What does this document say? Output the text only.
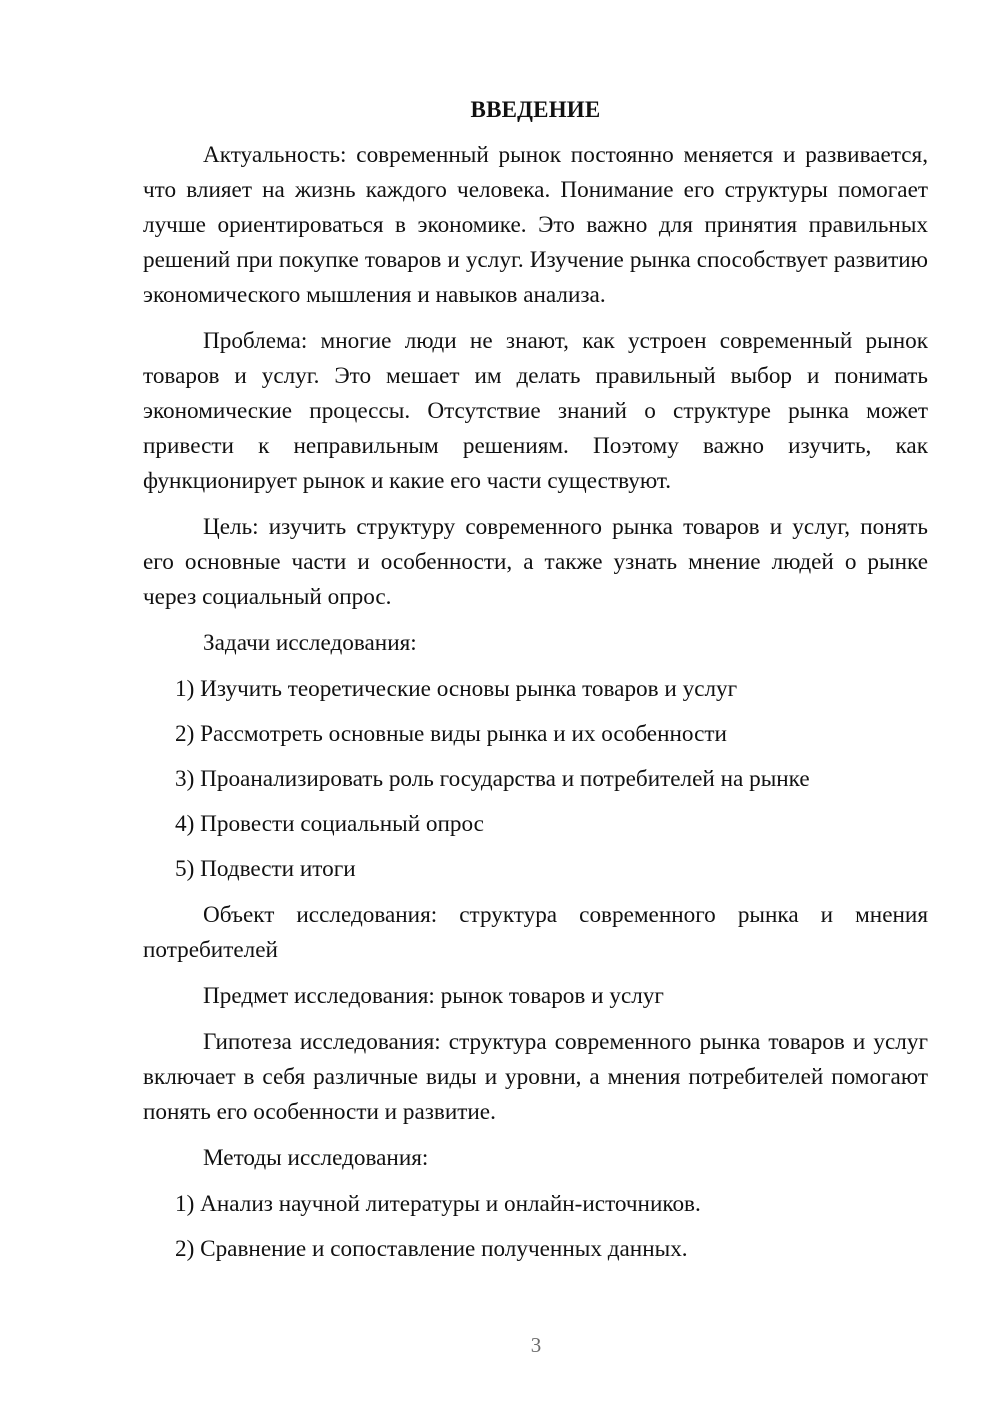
ВВЕДЕНИЕ

Актуальность: современный рынок постоянно меняется и развивается, что влияет на жизнь каждого человека. Понимание его структуры помогает лучше ориентироваться в экономике. Это важно для принятия правильных решений при покупке товаров и услуг. Изучение рынка способствует развитию экономического мышления и навыков анализа.

Проблема: многие люди не знают, как устроен современный рынок товаров и услуг. Это мешает им делать правильный выбор и понимать экономические процессы. Отсутствие знаний о структуре рынка может привести к неправильным решениям. Поэтому важно изучить, как функционирует рынок и какие его части существуют.

Цель: изучить структуру современного рынка товаров и услуг, понять его основные части и особенности, а также узнать мнение людей о рынке через социальный опрос.

Задачи исследования:

1) Изучить теоретические основы рынка товаров и услуг
2) Рассмотреть основные виды рынка и их особенности
3) Проанализировать роль государства и потребителей на рынке
4) Провести социальный опрос
5) Подвести итоги

Объект исследования: структура современного рынка и мнения потребителей

Предмет исследования: рынок товаров и услуг

Гипотеза исследования: структура современного рынка товаров и услуг включает в себя различные виды и уровни, а мнения потребителей помогают понять его особенности и развитие.

Методы исследования:

1) Анализ научной литературы и онлайн-источников.
2) Сравнение и сопоставление полученных данных.
3
